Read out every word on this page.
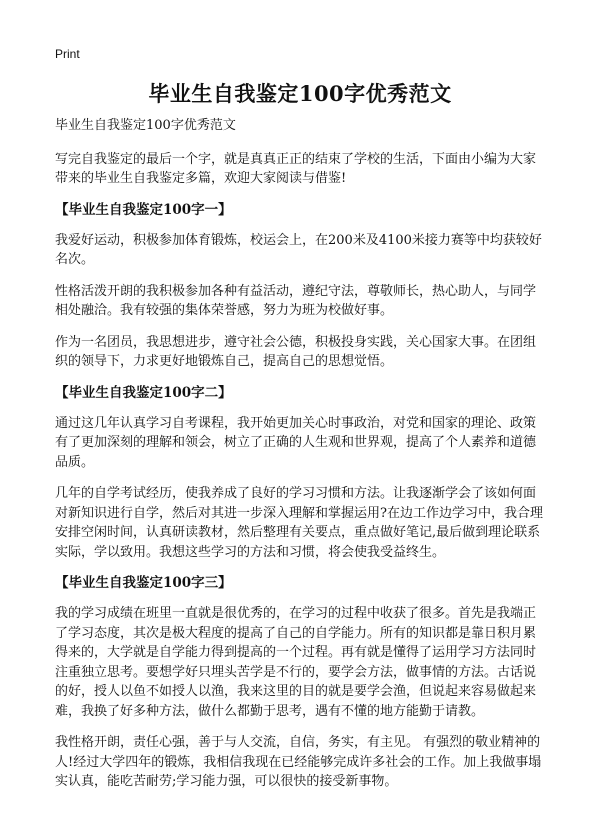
Print
毕业生自我鉴定100字优秀范文

毕业生自我鉴定100字优秀范文

写完自我鉴定的最后一个字，就是真真正正的结束了学校的生活，下面由小编为大家带来的毕业生自我鉴定多篇，欢迎大家阅读与借鉴!

【毕业生自我鉴定100字一】

我爱好运动，积极参加体育锻炼，校运会上，在200米及4100米接力赛等中均获较好名次。

性格活泼开朗的我积极参加各种有益活动，遵纪守法，尊敬师长，热心助人，与同学相处融洽。我有较强的集体荣誉感，努力为班为校做好事。

作为一名团员，我思想进步，遵守社会公德，积极投身实践，关心国家大事。在团组织的领导下，力求更好地锻炼自己，提高自己的思想觉悟。

【毕业生自我鉴定100字二】

通过这几年认真学习自考课程，我开始更加关心时事政治，对党和国家的理论、政策有了更加深刻的理解和领会，树立了正确的人生观和世界观，提高了个人素养和道德品质。

几年的自学考试经历，使我养成了良好的学习习惯和方法。让我逐渐学会了该如何面对新知识进行自学，然后对其进一步深入理解和掌握运用?在边工作边学习中，我合理安排空闲时间，认真研读教材，然后整理有关要点，重点做好笔记,最后做到理论联系实际，学以致用。我想这些学习的方法和习惯，将会使我受益终生。

【毕业生自我鉴定100字三】

我的学习成绩在班里一直就是很优秀的，在学习的过程中收获了很多。首先是我端正了学习态度，其次是极大程度的提高了自己的自学能力。所有的知识都是靠日积月累得来的，大学就是自学能力得到提高的一个过程。再有就是懂得了运用学习方法同时注重独立思考。要想学好只埋头苦学是不行的，要学会方法，做事情的方法。古话说的好，授人以鱼不如授人以渔，我来这里的目的就是要学会渔，但说起来容易做起来难，我换了好多种方法，做什么都勤于思考，遇有不懂的地方能勤于请教。

我性格开朗，责任心强，善于与人交流，自信，务实，有主见。 有强烈的敬业精神的人!经过大学四年的锻炼，我相信我现在已经能够完成许多社会的工作。加上我做事塌实认真，能吃苦耐劳;学习能力强，可以很快的接受新事物。
